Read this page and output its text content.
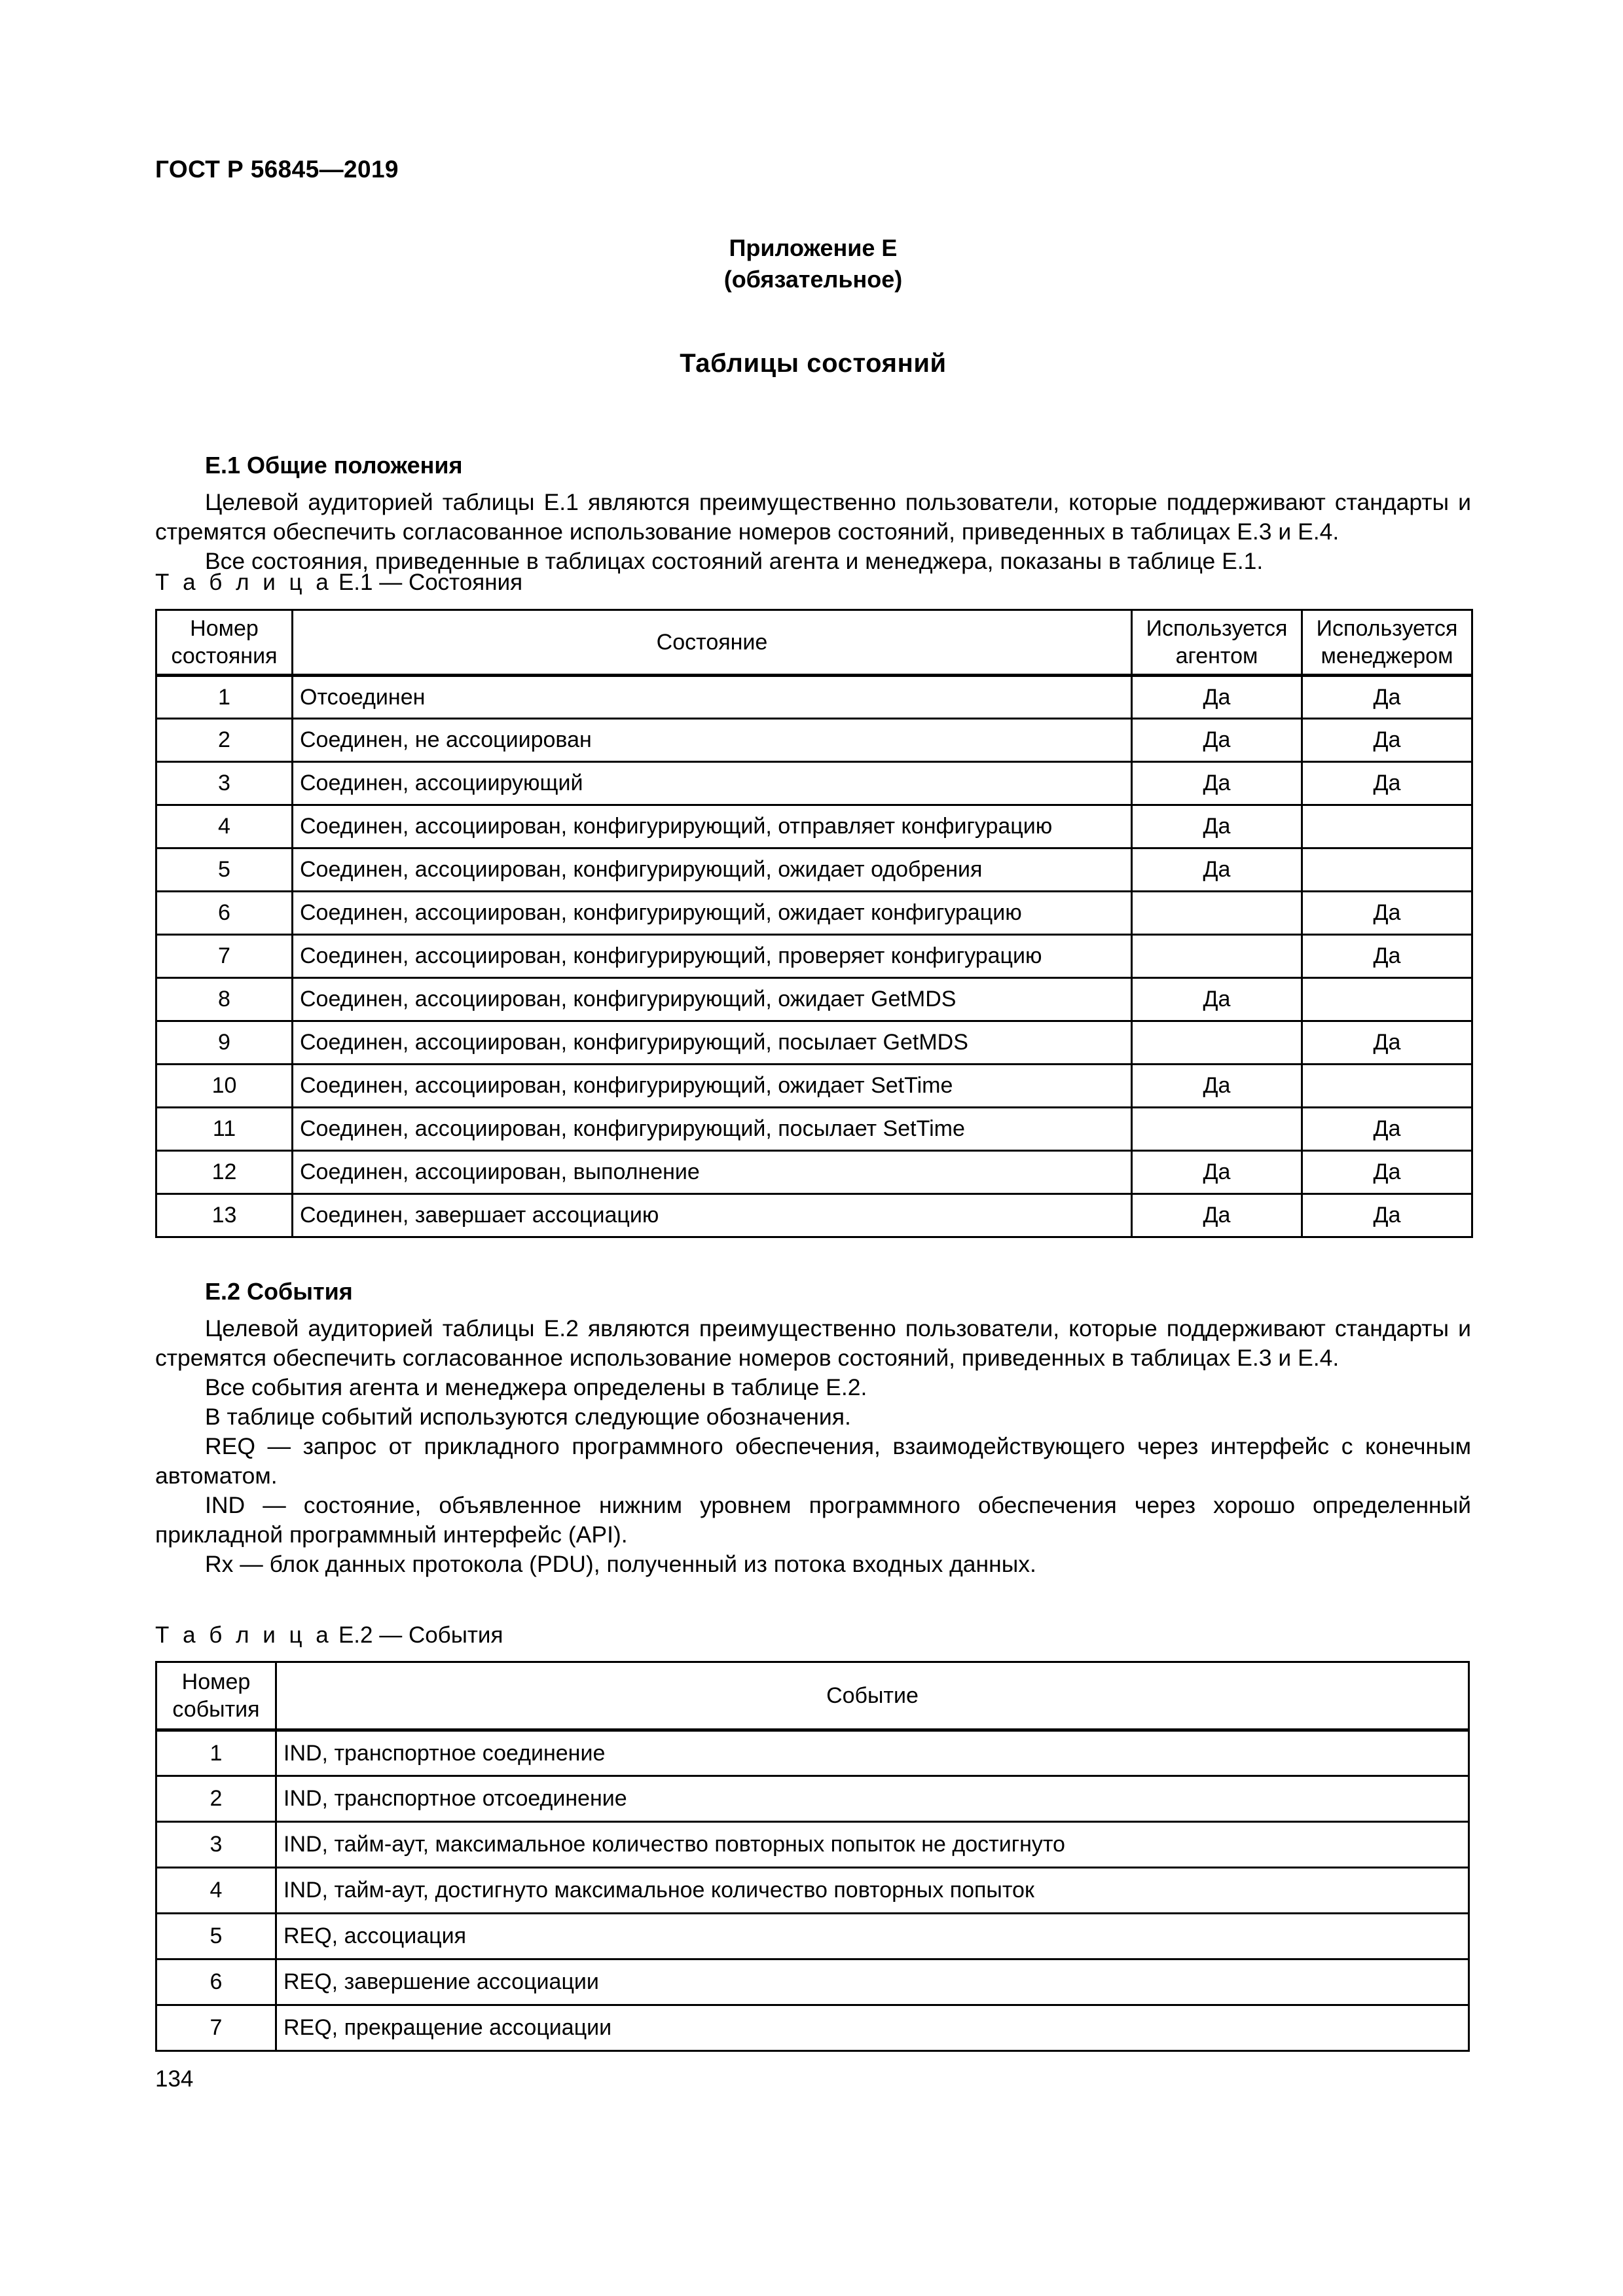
ГОСТ Р 56845—2019
Приложение Е
(обязательное)
Таблицы состояний
Е.1 Общие положения
Целевой аудиторией таблицы Е.1 являются преимущественно пользователи, которые поддерживают стандарты и стремятся обеспечить согласованное использование номеров состояний, приведенных в таблицах Е.3 и Е.4.
Все состояния, приведенные в таблицах состояний агента и менеджера, показаны в таблице Е.1.
Т а б л и ц а Е.1 — Состояния
Номер
состояния	Состояние	Используется
агентом	Используется
менеджером
1	Отсоединен	Да	Да
2	Соединен, не ассоциирован	Да	Да
3	Соединен, ассоциирующий	Да	Да
4	Соединен, ассоциирован, конфигурирующий, отправляет конфигурацию	Да	
5	Соединен, ассоциирован, конфигурирующий, ожидает одобрения	Да	
6	Соединен, ассоциирован, конфигурирующий, ожидает конфигурацию		Да
7	Соединен, ассоциирован, конфигурирующий, проверяет конфигурацию		Да
8	Соединен, ассоциирован, конфигурирующий, ожидает GetMDS	Да	
9	Соединен, ассоциирован, конфигурирующий, посылает GetMDS		Да
10	Соединен, ассоциирован, конфигурирующий, ожидает SetTime	Да	
11	Соединен, ассоциирован, конфигурирующий, посылает SetTime		Да
12	Соединен, ассоциирован, выполнение	Да	Да
13	Соединен, завершает ассоциацию	Да	Да
Е.2 События
Целевой аудиторией таблицы Е.2 являются преимущественно пользователи, которые поддерживают стандарты и стремятся обеспечить согласованное использование номеров состояний, приведенных в таблицах Е.3 и Е.4.
Все события агента и менеджера определены в таблице Е.2.
В таблице событий используются следующие обозначения.
REQ — запрос от прикладного программного обеспечения, взаимодействующего через интерфейс с конечным автоматом.
IND — состояние, объявленное нижним уровнем программного обеспечения через хорошо определенный прикладной программный интерфейс (API).
Rx — блок данных протокола (PDU), полученный из потока входных данных.
Т а б л и ц а Е.2 — События
Номер
события	Событие
1	IND, транспортное соединение
2	IND, транспортное отсоединение
3	IND, тайм-аут, максимальное количество повторных попыток не достигнуто
4	IND, тайм-аут, достигнуто максимальное количество повторных попыток
5	REQ, ассоциация
6	REQ, завершение ассоциации
7	REQ, прекращение ассоциации
134
